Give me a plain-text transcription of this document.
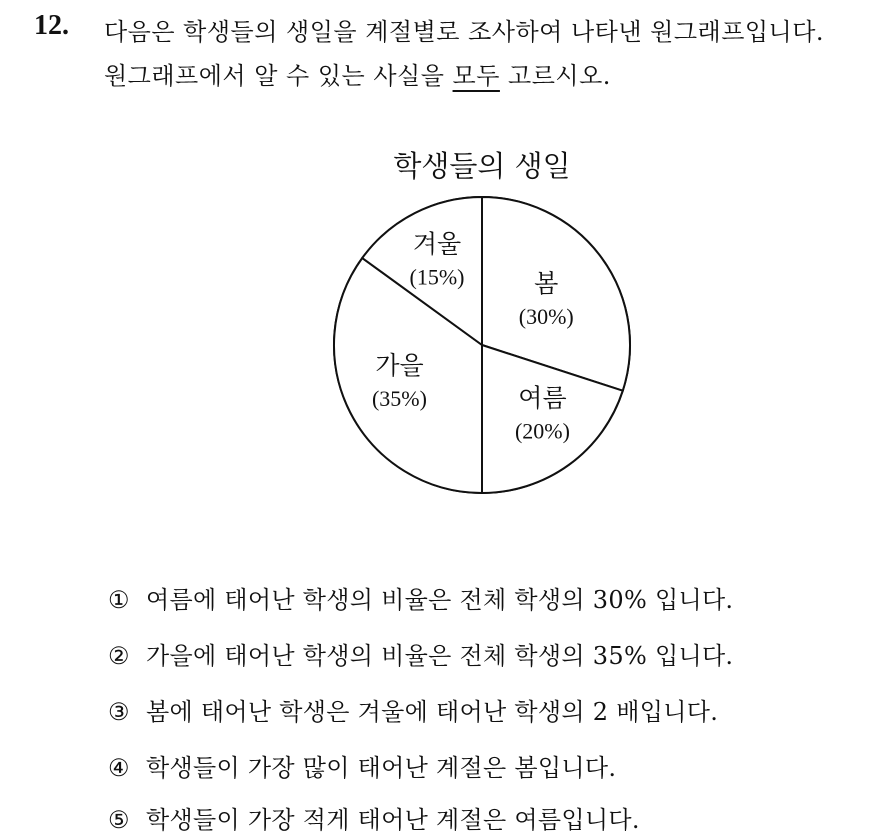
12. 다음은 학생들의 생일을 계절별로 조사하여 나타낸 원그래프입니다.
원그래프에서 알 수 있는 사실을 모두 고르시오.
학생들의 생일
봄
(30%)
여름
(20%)
가을
(35%)
겨울
(15%)
① 여름에 태어난 학생의 비율은 전체 학생의 30% 입니다.
② 가을에 태어난 학생의 비율은 전체 학생의 35% 입니다.
③ 봄에 태어난 학생은 겨울에 태어난 학생의 2 배입니다.
④ 학생들이 가장 많이 태어난 계절은 봄입니다.
⑤ 학생들이 가장 적게 태어난 계절은 여름입니다.
